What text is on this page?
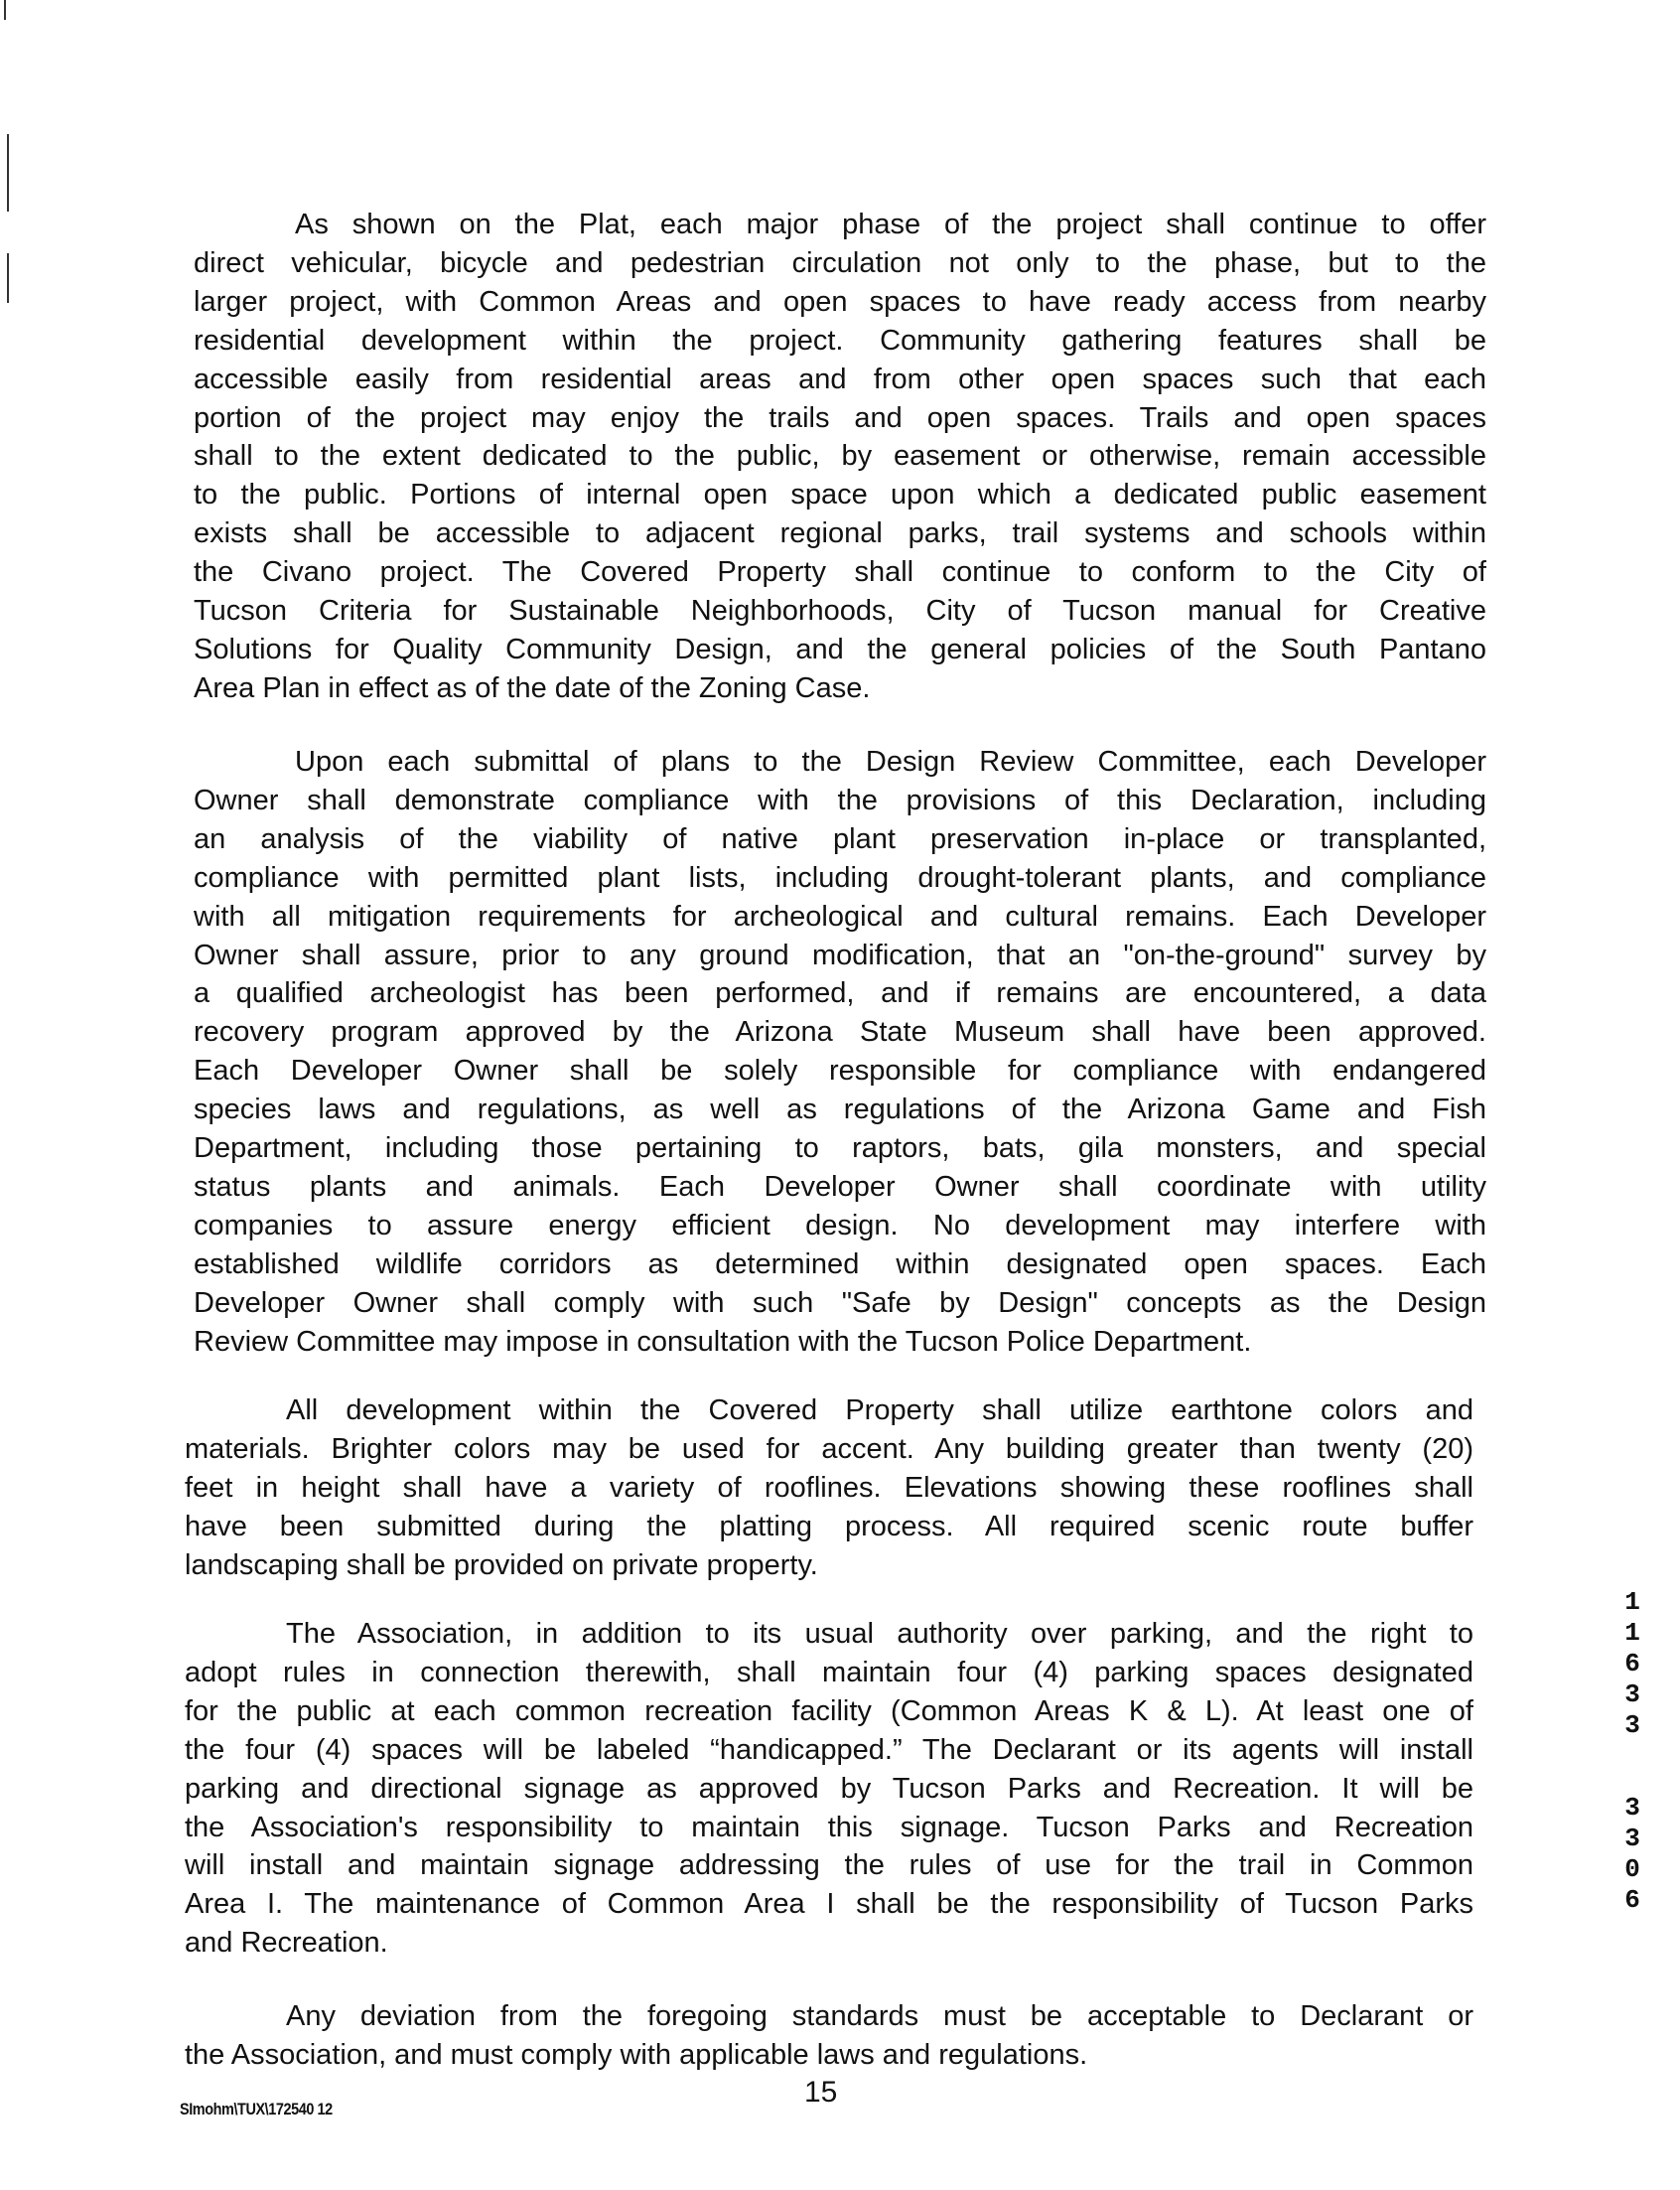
As shown on the Plat, each major phase of the project shall continue to offer
direct vehicular, bicycle and pedestrian circulation not only to the phase, but to the
larger project, with Common Areas and open spaces to have ready access from nearby
residential development within the project. Community gathering features shall be
accessible easily from residential areas and from other open spaces such that each
portion of the project may enjoy the trails and open spaces. Trails and open spaces
shall to the extent dedicated to the public, by easement or otherwise, remain accessible
to the public. Portions of internal open space upon which a dedicated public easement
exists shall be accessible to adjacent regional parks, trail systems and schools within
the Civano project. The Covered Property shall continue to conform to the City of
Tucson Criteria for Sustainable Neighborhoods, City of Tucson manual for Creative
Solutions for Quality Community Design, and the general policies of the South Pantano
Area Plan in effect as of the date of the Zoning Case.
Upon each submittal of plans to the Design Review Committee, each Developer
Owner shall demonstrate compliance with the provisions of this Declaration, including
an analysis of the viability of native plant preservation in-place or transplanted,
compliance with permitted plant lists, including drought-tolerant plants, and compliance
with all mitigation requirements for archeological and cultural remains. Each Developer
Owner shall assure, prior to any ground modification, that an "on-the-ground" survey by
a qualified archeologist has been performed, and if remains are encountered, a data
recovery program approved by the Arizona State Museum shall have been approved.
Each Developer Owner shall be solely responsible for compliance with endangered
species laws and regulations, as well as regulations of the Arizona Game and Fish
Department, including those pertaining to raptors, bats, gila monsters, and special
status plants and animals. Each Developer Owner shall coordinate with utility
companies to assure energy efficient design. No development may interfere with
established wildlife corridors as determined within designated open spaces. Each
Developer Owner shall comply with such "Safe by Design" concepts as the Design
Review Committee may impose in consultation with the Tucson Police Department.
All development within the Covered Property shall utilize earthtone colors and
materials. Brighter colors may be used for accent. Any building greater than twenty (20)
feet in height shall have a variety of rooflines. Elevations showing these rooflines shall
have been submitted during the platting process. All required scenic route buffer
landscaping shall be provided on private property.
The Association, in addition to its usual authority over parking, and the right to
adopt rules in connection therewith, shall maintain four (4) parking spaces designated
for the public at each common recreation facility (Common Areas K & L). At least one of
the four (4) spaces will be labeled “handicapped.” The Declarant or its agents will install
parking and directional signage as approved by Tucson Parks and Recreation. It will be
the Association's responsibility to maintain this signage. Tucson Parks and Recreation
will install and maintain signage addressing the rules of use for the trail in Common
Area I. The maintenance of Common Area I shall be the responsibility of Tucson Parks
and Recreation.
Any deviation from the foregoing standards must be acceptable to Declarant or
the Association, and must comply with applicable laws and regulations.
SImohm\TUX\172540 12
15
1
1
6
3
3
3
3
0
6
